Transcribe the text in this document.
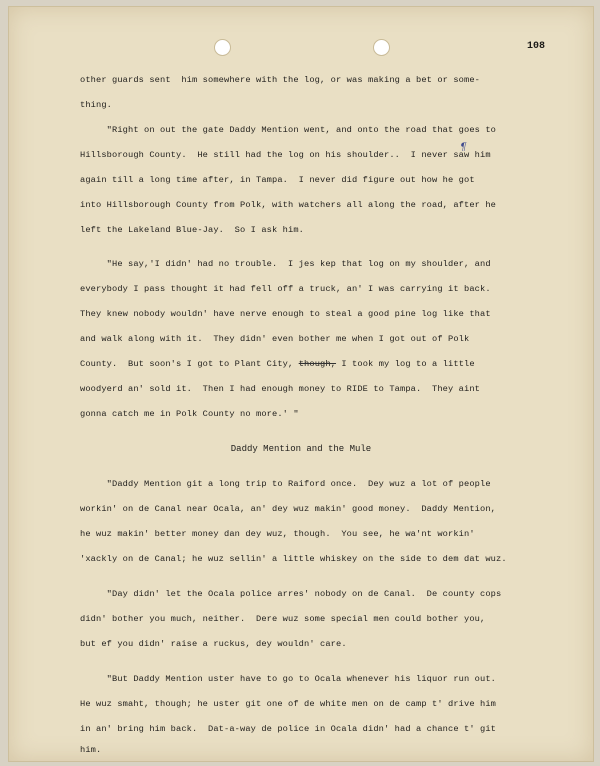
108
other guards sent  him somewhere with the log, or was making a bet or some-
thing.
"Right on out the gate Daddy Mention went, and onto the road that goes to
Hillsborough County.  He still had the log on his shoulder..  I never saw him
¶
again till a long time after, in Tampa.  I never did figure out how he got
into Hillsborough County from Polk, with watchers all along the road, after he
left the Lakeland Blue-Jay.  So I ask him.
"He say,'I didn' had no trouble.  I jes kep that log on my shoulder, and
everybody I pass thought it had fell off a truck, an' I was carrying it back.
They knew nobody wouldn' have nerve enough to steal a good pine log like that
and walk along with it.  They didn' even bother me when I got out of Polk
County.  But soon's I got to Plant City, though, I took my log to a little
woodyerd an' sold it.  Then I had enough money to RIDE to Tampa.  They aint
gonna catch me in Polk County no more.' "
Daddy Mention and the Mule
"Daddy Mention git a long trip to Raiford once.  Dey wuz a lot of people
workin' on de Canal near Ocala, an' dey wuz makin' good money.  Daddy Mention,
he wuz makin' better money dan dey wuz, though.  You see, he wa'nt workin'
'xackly on de Canal; he wuz sellin' a little whiskey on the side to dem dat wuz.
"Day didn' let the Ocala police arres' nobody on de Canal.  De county cops
didn' bother you much, neither.  Dere wuz some special men could bother you,
but ef you didn' raise a ruckus, dey wouldn' care.
"But Daddy Mention uster have to go to Ocala whenever his liquor run out.
He wuz smaht, though; he uster git one of de white men on de camp t' drive him
in an' bring him back.  Dat-a-way de police in Ocala didn' had a chance t' git
him.
